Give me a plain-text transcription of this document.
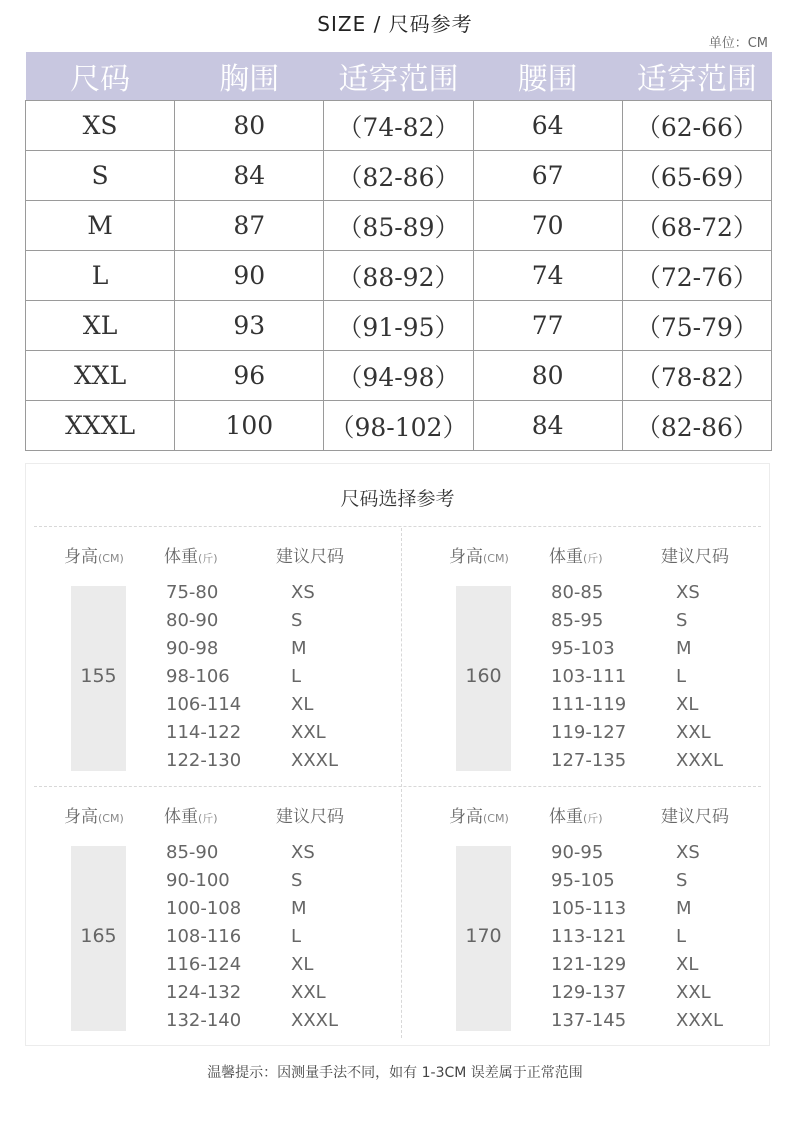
SIZE / 尺码参考
单位：CM
尺码	胸围	适穿范围	腰围	适穿范围
XS	80	（74-82）	64	（62-66）
S	84	（82-86）	67	（65-69）
M	87	（85-89）	70	（68-72）
L	90	（88-92）	74	（72-76）
XL	93	（91-95）	77	（75-79）
XXL	96	（94-98）	80	（78-82）
XXXL	100	（98-102）	84	（82-86）
尺码选择参考
身高(CM) 体重(斤)	建议尺码
155
75-80	XS
80-90	S
90-98	M
98-106	L
106-114	XL
114-122	XXL
122-130	XXXL
身高(CM) 体重(斤)	建议尺码
160
80-85	XS
85-95	S
95-103	M
103-111	L
111-119	XL
119-127	XXL
127-135	XXXL
身高(CM) 体重(斤)	建议尺码
165
85-90	XS
90-100	S
100-108	M
108-116	L
116-124	XL
124-132	XXL
132-140	XXXL
身高(CM) 体重(斤)	建议尺码
170
90-95	XS
95-105	S
105-113	M
113-121	L
121-129	XL
129-137	XXL
137-145	XXXL
温馨提示：因测量手法不同，如有 1-3CM 误差属于正常范围
